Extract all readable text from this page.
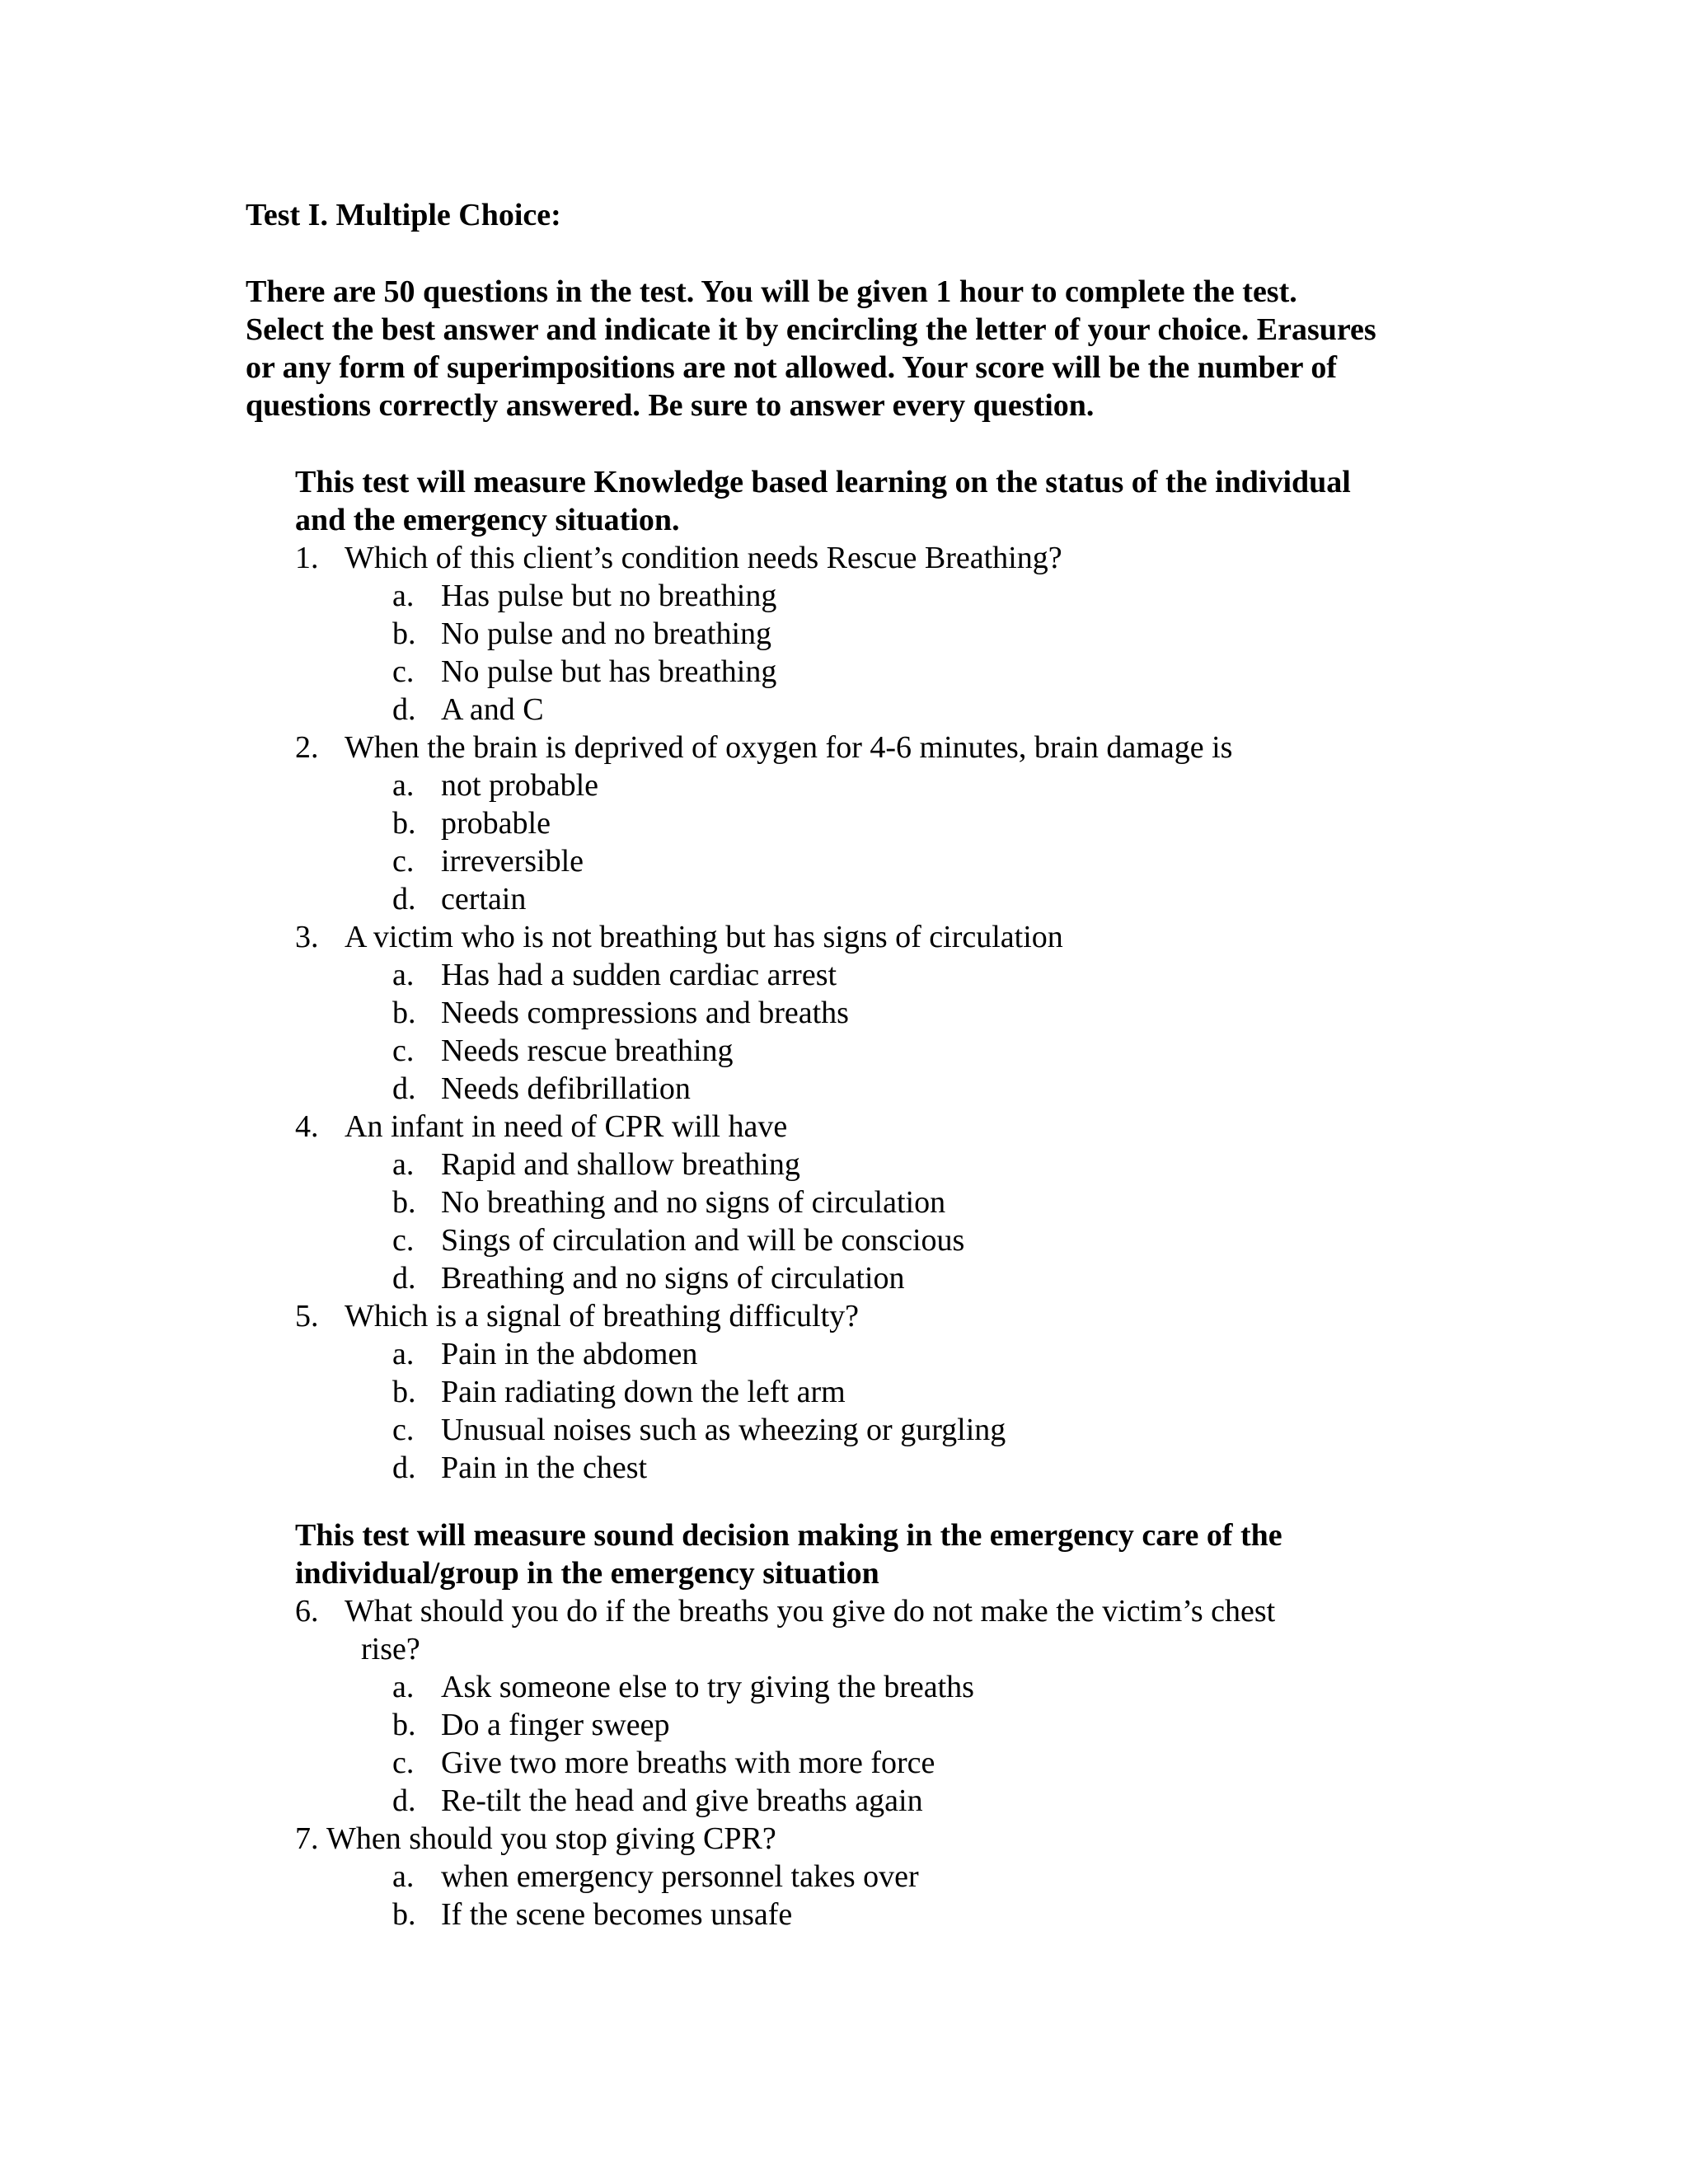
Test I. Multiple Choice:
There are 50 questions in the test. You will be given 1 hour to complete the test.
Select the best answer and indicate it by encircling the letter of your choice. Erasures
or any form of superimpositions are not allowed. Your score will be the number of
questions correctly answered. Be sure to answer every question.
This test will measure Knowledge based learning on the status of the individual
and the emergency situation.
1. Which of this client’s condition needs Rescue Breathing?
a. Has pulse but no breathing
b. No pulse and no breathing
c. No pulse but has breathing
d. A and C
2. When the brain is deprived of oxygen for 4-6 minutes, brain damage is
a. not probable
b. probable
c. irreversible
d. certain
3. A victim who is not breathing but has signs of circulation
a. Has had a sudden cardiac arrest
b. Needs compressions and breaths
c. Needs rescue breathing
d. Needs defibrillation
4. An infant in need of CPR will have
a. Rapid and shallow breathing
b. No breathing and no signs of circulation
c. Sings of circulation and will be conscious
d. Breathing and no signs of circulation
5. Which is a signal of breathing difficulty?
a. Pain in the abdomen
b. Pain radiating down the left arm
c. Unusual noises such as wheezing or gurgling
d. Pain in the chest
This test will measure sound decision making in the emergency care of the
individual/group in the emergency situation
6. What should you do if the breaths you give do not make the victim’s chest
rise?
a. Ask someone else to try giving the breaths
b. Do a finger sweep
c. Give two more breaths with more force
d. Re-tilt the head and give breaths again
7.
When should you stop giving CPR?
a. when emergency personnel takes over
b. If the scene becomes unsafe
